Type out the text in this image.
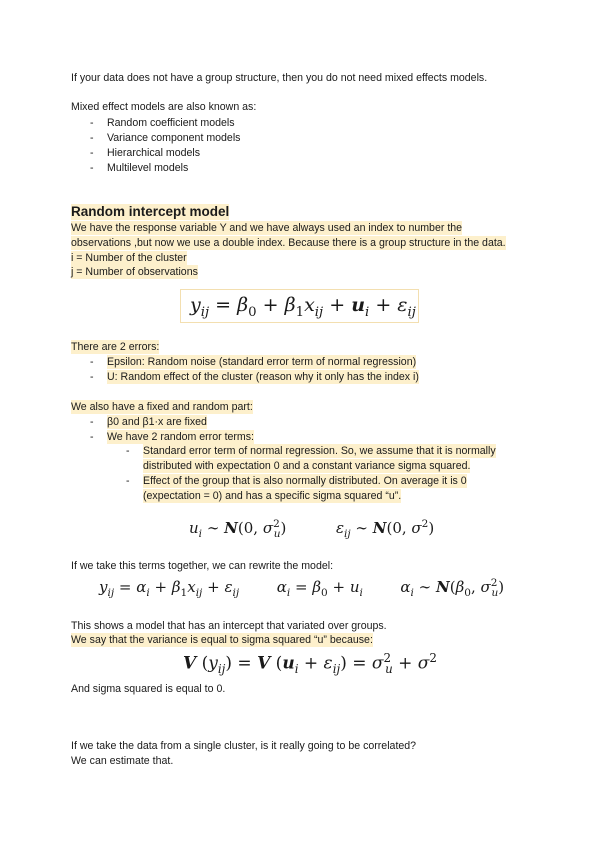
If your data does not have a group structure, then you do not need mixed effects models.
Mixed effect models are also known as:
- Random coefficient models
- Variance component models
- Hierarchical models
- Multilevel models
Random intercept model
We have the response variable Y and we have always used an index to number the
observations ,but now we use a double index. Because there is a group structure in the data.
i = Number of the cluster
j = Number of observations
$y_{ij} = \beta_0 + \beta_1x_{ij} + u_i + \varepsilon_{ij}$
There are 2 errors:
- Epsilon: Random noise (standard error term of normal regression)
- U: Random effect of the cluster (reason why it only has the index i)
We also have a fixed and random part:
- β0 and β1·x are fixed
- We have 2 random error terms:
- Standard error term of normal regression. So, we assume that it is normally
distributed with expectation 0 and a constant variance sigma squared.
- Effect of the group that is also normally distributed. On average it is 0
(expectation = 0) and has a specific sigma squared “u”.
$u_i$ ∼ N(0, $\sigma^2_u$)	$\varepsilon_{ij}$ ∼ N(0, $\sigma^2$)
If we take this terms together, we can rewrite the model:
$y_{ij} = \alpha_i + \beta_1x_{ij} + \varepsilon_{ij}$  $\alpha_i = \beta_0 + u_i$  $\alpha_i$ ∼ $N(\beta_0$, $\sigma^2_u$)
This shows a model that has an intercept that variated over groups.
We say that the variance is equal to sigma squared “u” because:
V $(y_{ij}) = V$ $(u_i + \varepsilon_{ij}) = \sigma^2_u + \sigma^2$
And sigma squared is equal to 0.
If we take the data from a single cluster, is it really going to be correlated?
We can estimate that.
